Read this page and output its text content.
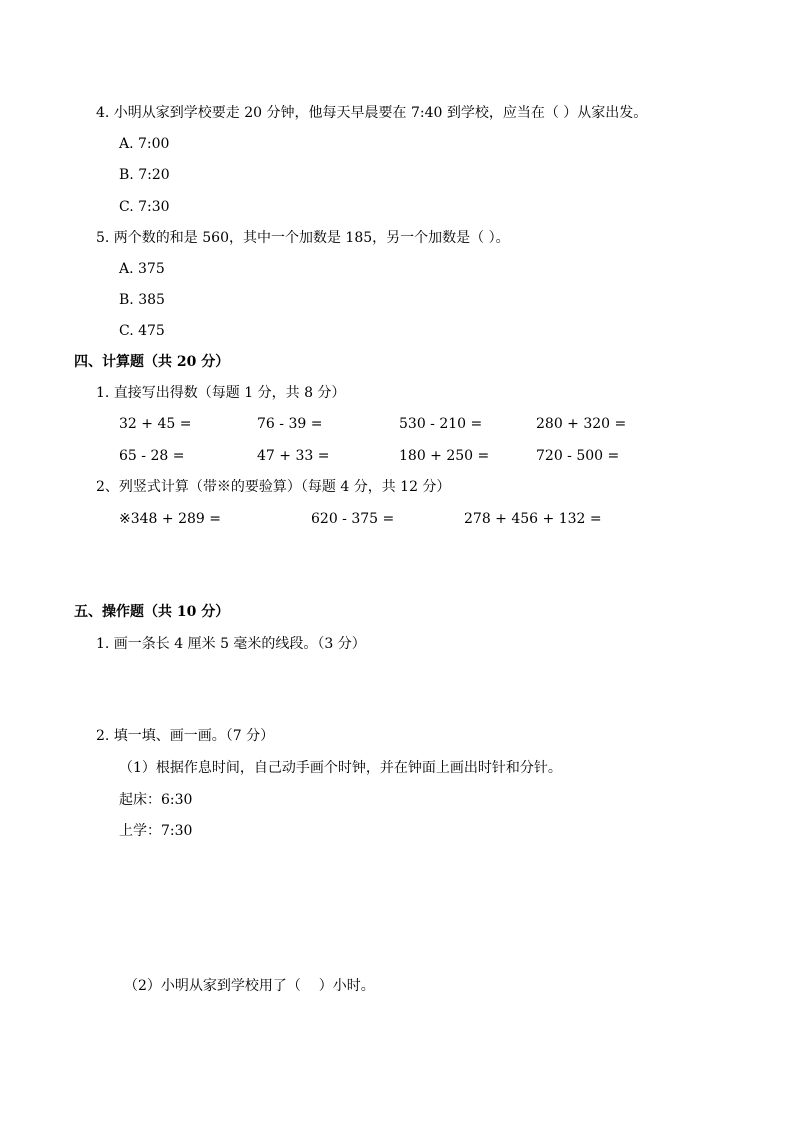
4. 小明从家到学校要走 20 分钟，他每天早晨要在 7:40 到学校，应当在（ ）从家出发。
A. 7:00
B. 7:20
C. 7:30
5. 两个数的和是 560，其中一个加数是 185，另一个加数是（ ）。
A. 375
B. 385
C. 475
四、计算题（共 20 分）
1. 直接写出得数（每题 1 分，共 8 分）
32 + 45 =	76 - 39 =	530 - 210 =	280 + 320 =
65 - 28 =	47 + 33 =	180 + 250 =	720 - 500 =
2、列竖式计算（带※的要验算）（每题 4 分，共 12 分）
※348 + 289 =	620 - 375 =	278 + 456 + 132 =
五、操作题（共 10 分）
1. 画一条长 4 厘米 5 毫米的线段。（3 分）
2. 填一填、画一画。（7 分）
（1）根据作息时间，自己动手画个时钟，并在钟面上画出时针和分针。
起床：6:30
上学：7:30
（2）小明从家到学校用了（    ）小时。
